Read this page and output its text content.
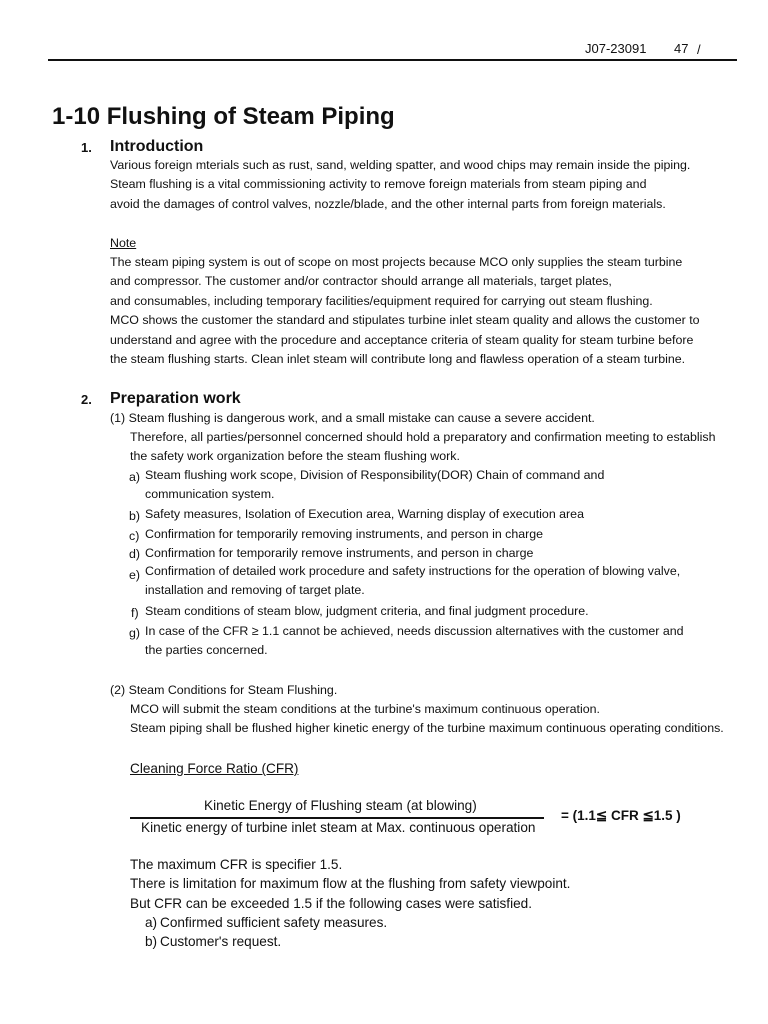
J07-23091 47 /
1-10 Flushing of Steam Piping
1. Introduction
Various foreign mterials such as rust, sand, welding spatter, and wood chips may remain inside the piping.
Steam flushing is a vital commissioning activity to remove foreign materials from steam piping and
avoid the damages of control valves, nozzle/blade, and the other internal parts from foreign materials.
Note
The steam piping system is out of scope on most projects because MCO only supplies the steam turbine
and compressor. The customer and/or contractor should arrange all materials, target plates,
and consumables, including temporary facilities/equipment required for carrying out steam flushing.
MCO shows the customer the standard and stipulates turbine inlet steam quality and allows the customer to
understand and agree with the procedure and acceptance criteria of steam quality for steam turbine before
the steam flushing starts. Clean inlet steam will contribute long and flawless operation of a steam turbine.
2. Preparation work
(1) Steam flushing is dangerous work, and a small mistake can cause a severe accident.
Therefore, all parties/personnel concerned should hold a preparatory and confirmation meeting to establish
the safety work organization before the steam flushing work.
a) Steam flushing work scope, Division of Responsibility(DOR) Chain of command and
communication system.
b) Safety measures, Isolation of Execution area, Warning display of execution area
c) Confirmation for temporarily removing instruments, and person in charge
d) Confirmation for temporarily remove instruments, and person in charge
e) Confirmation of detailed work procedure and safety instructions for the operation of blowing valve,
installation and removing of target plate.
f) Steam conditions of steam blow, judgment criteria, and final judgment procedure.
g) In case of the CFR ≥ 1.1 cannot be achieved, needs discussion alternatives with the customer and
the parties concerned.
(2) Steam Conditions for Steam Flushing.
MCO will submit the steam conditions at the turbine's maximum continuous operation.
Steam piping shall be flushed higher kinetic energy of the turbine maximum continuous operating conditions.
Cleaning Force Ratio (CFR)
Kinetic Energy of Flushing steam (at blowing)
Kinetic energy of turbine inlet steam at Max. continuous operation
= (1.1≦ CFR ≦1.5 )
The maximum CFR is specifier 1.5.
There is limitation for maximum flow at the flushing from safety viewpoint.
But CFR can be exceeded 1.5 if the following cases were satisfied.
a) Confirmed sufficient safety measures.
b) Customer's request.
